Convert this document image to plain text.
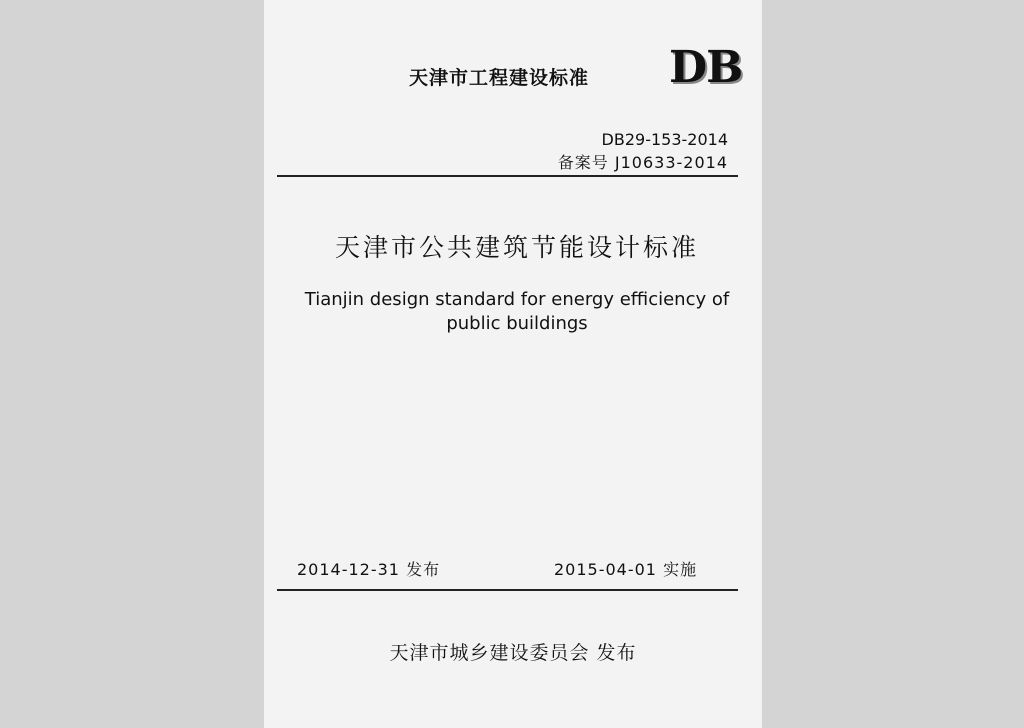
天津市工程建设标准 DB
DB29-153-2014
备案号 J10633-2014
天津市公共建筑节能设计标准
Tianjin design standard for energy efficiency of
public buildings
2014-12-31 发布	2015-04-01 实施
天津市城乡建设委员会 发布
